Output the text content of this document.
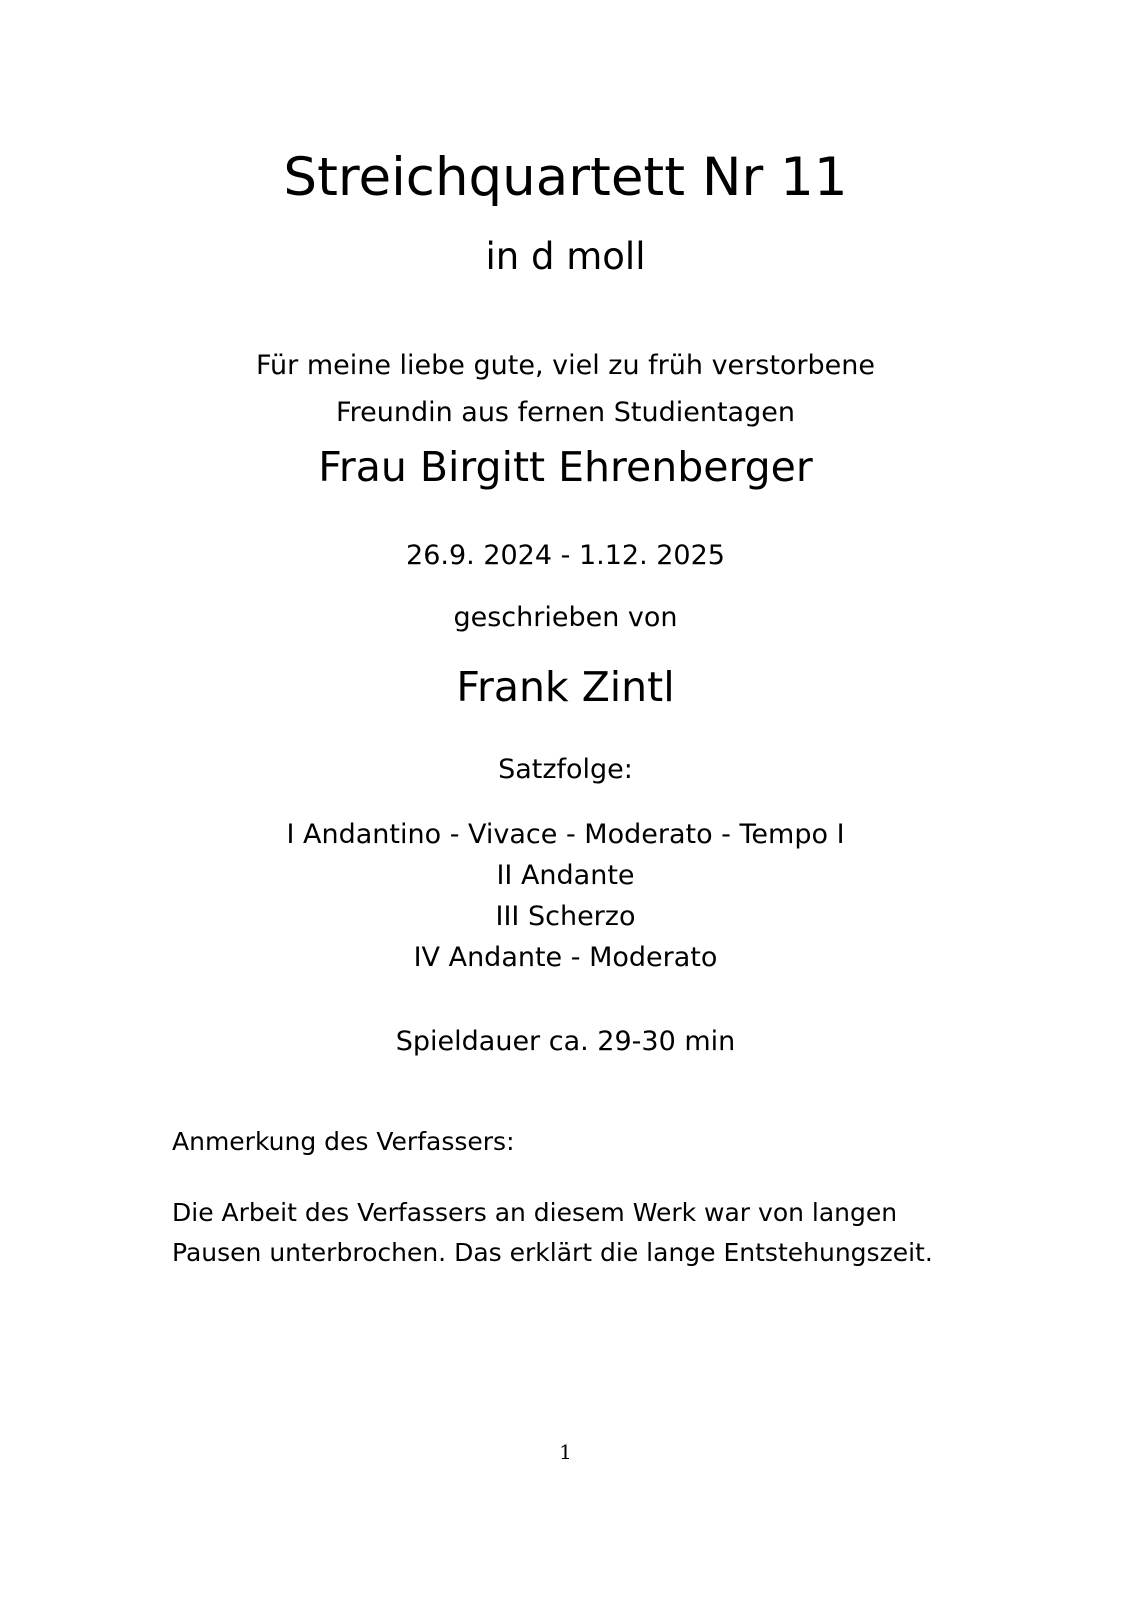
Streichquartett Nr 11
in d moll
Für meine liebe gute, viel zu früh verstorbene
Freundin aus fernen Studientagen
Frau Birgitt Ehrenberger
26.9. 2024 - 1.12. 2025
geschrieben von
Frank Zintl
Satzfolge:
I Andantino - Vivace - Moderato - Tempo I
II Andante
III Scherzo
IV Andante - Moderato
Spieldauer ca. 29-30 min
Anmerkung des Verfassers:
Die Arbeit des Verfassers an diesem Werk war von langen
Pausen unterbrochen. Das erklärt die lange Entstehungszeit.
1
